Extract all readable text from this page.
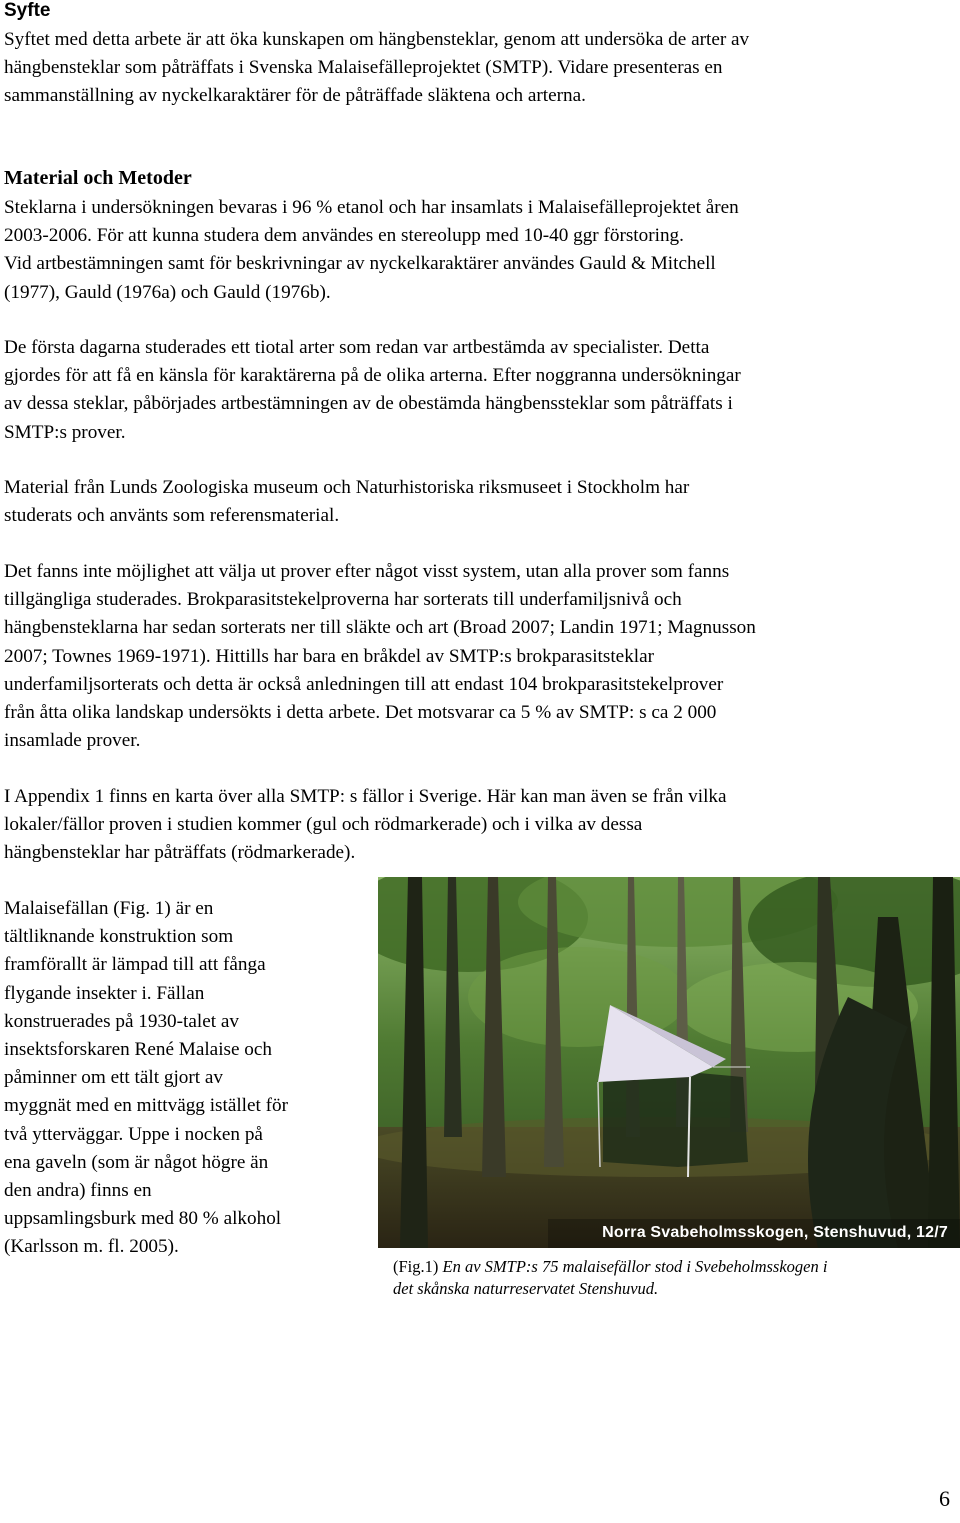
Syfte
Syftet med detta arbete är att öka kunskapen om hängbensteklar, genom att undersöka de arter av
hängbensteklar som påträffats i Svenska Malaisefälleprojektet (SMTP). Vidare presenteras en
sammanställning av nyckelkaraktärer för de påträffade släktena och arterna.
Material och Metoder
Steklarna i undersökningen bevaras i 96 % etanol och har insamlats i Malaisefälleprojektet åren
2003-2006. För att kunna studera dem användes en stereolupp med 10-40 ggr förstoring.
Vid artbestämningen samt för beskrivningar av nyckelkaraktärer användes Gauld & Mitchell
(1977), Gauld (1976a) och Gauld (1976b).
De första dagarna studerades ett tiotal arter som redan var artbestämda av specialister. Detta
gjordes för att få en känsla för karaktärerna på de olika arterna. Efter noggranna undersökningar
av dessa steklar, påbörjades artbestämningen av de obestämda hängbenssteklar som påträffats i
SMTP:s prover.
Material från Lunds Zoologiska museum och Naturhistoriska riksmuseet i Stockholm har
studerats och använts som referensmaterial.
Det fanns inte möjlighet att välja ut prover efter något visst system, utan alla prover som fanns
tillgängliga studerades. Brokparasitstekelproverna har sorterats till underfamiljsnivå och
hängbensteklarna har sedan sorterats ner till släkte och art (Broad 2007; Landin 1971; Magnusson
2007; Townes 1969-1971). Hittills har bara en bråkdel av SMTP:s brokparasitsteklar
underfamiljsorterats och detta är också anledningen till att endast 104 brokparasitstekelprover
från åtta olika landskap undersökts i detta arbete. Det motsvarar ca 5 % av SMTP: s ca 2 000
insamlade prover.
I Appendix 1 finns en karta över alla SMTP: s fällor i Sverige. Här kan man även se från vilka
lokaler/fällor proven i studien kommer (gul och rödmarkerade) och i vilka av dessa
hängbensteklar har påträffats (rödmarkerade).
Malaisefällan (Fig. 1) är en
tältliknande konstruktion som
framförallt är lämpad till att fånga
flygande insekter i. Fällan
konstruerades på 1930-talet av
insektsforskaren René Malaise och
påminner om ett tält gjort av
myggnät med en mittvägg istället för
två ytterväggar. Uppe i nocken på
ena gaveln (som är något högre än
den andra) finns en
uppsamlingsburk med 80 % alkohol
(Karlsson m. fl. 2005).
Norra Svabeholmsskogen, Stenshuvud, 12/7
(Fig.1) En av SMTP:s 75 malaisefällor stod i Svebeholmsskogen i
det skånska naturreservatet Stenshuvud.
6
